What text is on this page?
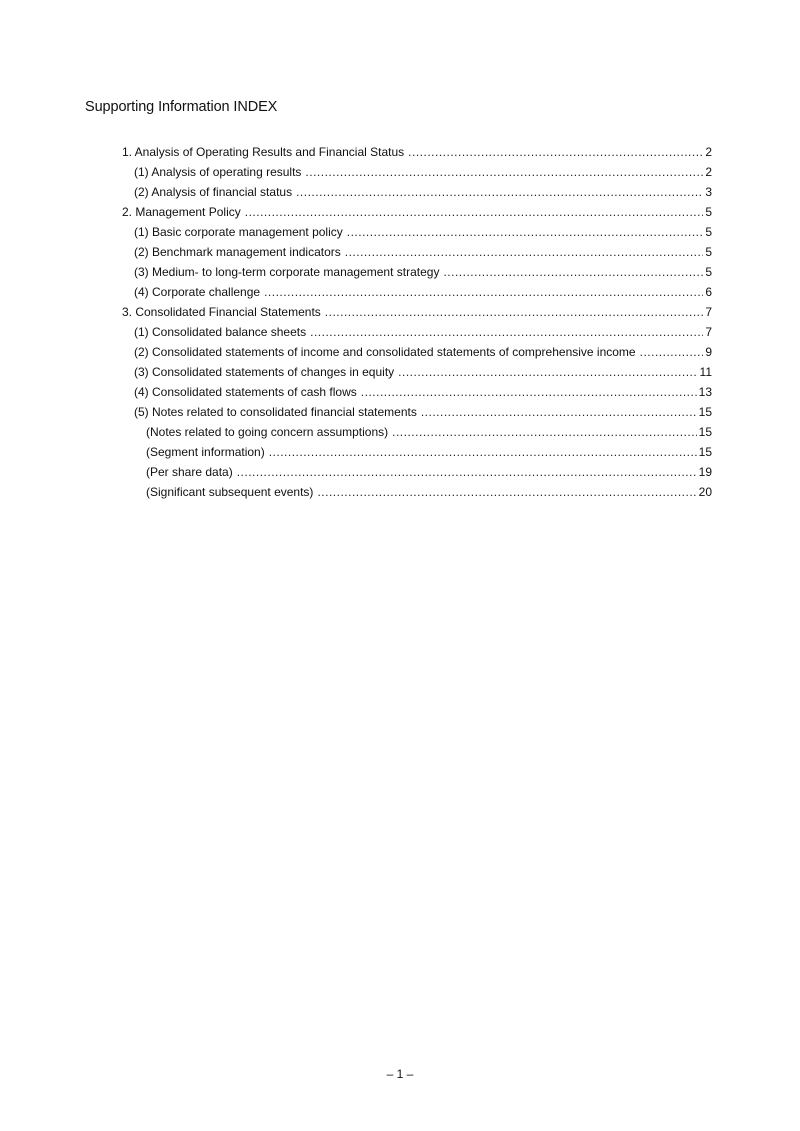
Supporting Information INDEX
1. Analysis of Operating Results and Financial Status .....	2
(1) Analysis of operating results .....	2
(2) Analysis of financial status .....	3
2. Management Policy .....	5
(1) Basic corporate management policy .....	5
(2) Benchmark management indicators .....	5
(3) Medium- to long-term corporate management strategy .....	5
(4) Corporate challenge .....	6
3. Consolidated Financial Statements .....	7
(1) Consolidated balance sheets .....	7
(2) Consolidated statements of income and consolidated statements of comprehensive income .....	9
(3) Consolidated statements of changes in equity .....	11
(4) Consolidated statements of cash flows .....	13
(5) Notes related to consolidated financial statements .....	15
(Notes related to going concern assumptions) .....	15
(Segment information) .....	15
(Per share data) .....	19
(Significant subsequent events) .....	20
– 1 –
